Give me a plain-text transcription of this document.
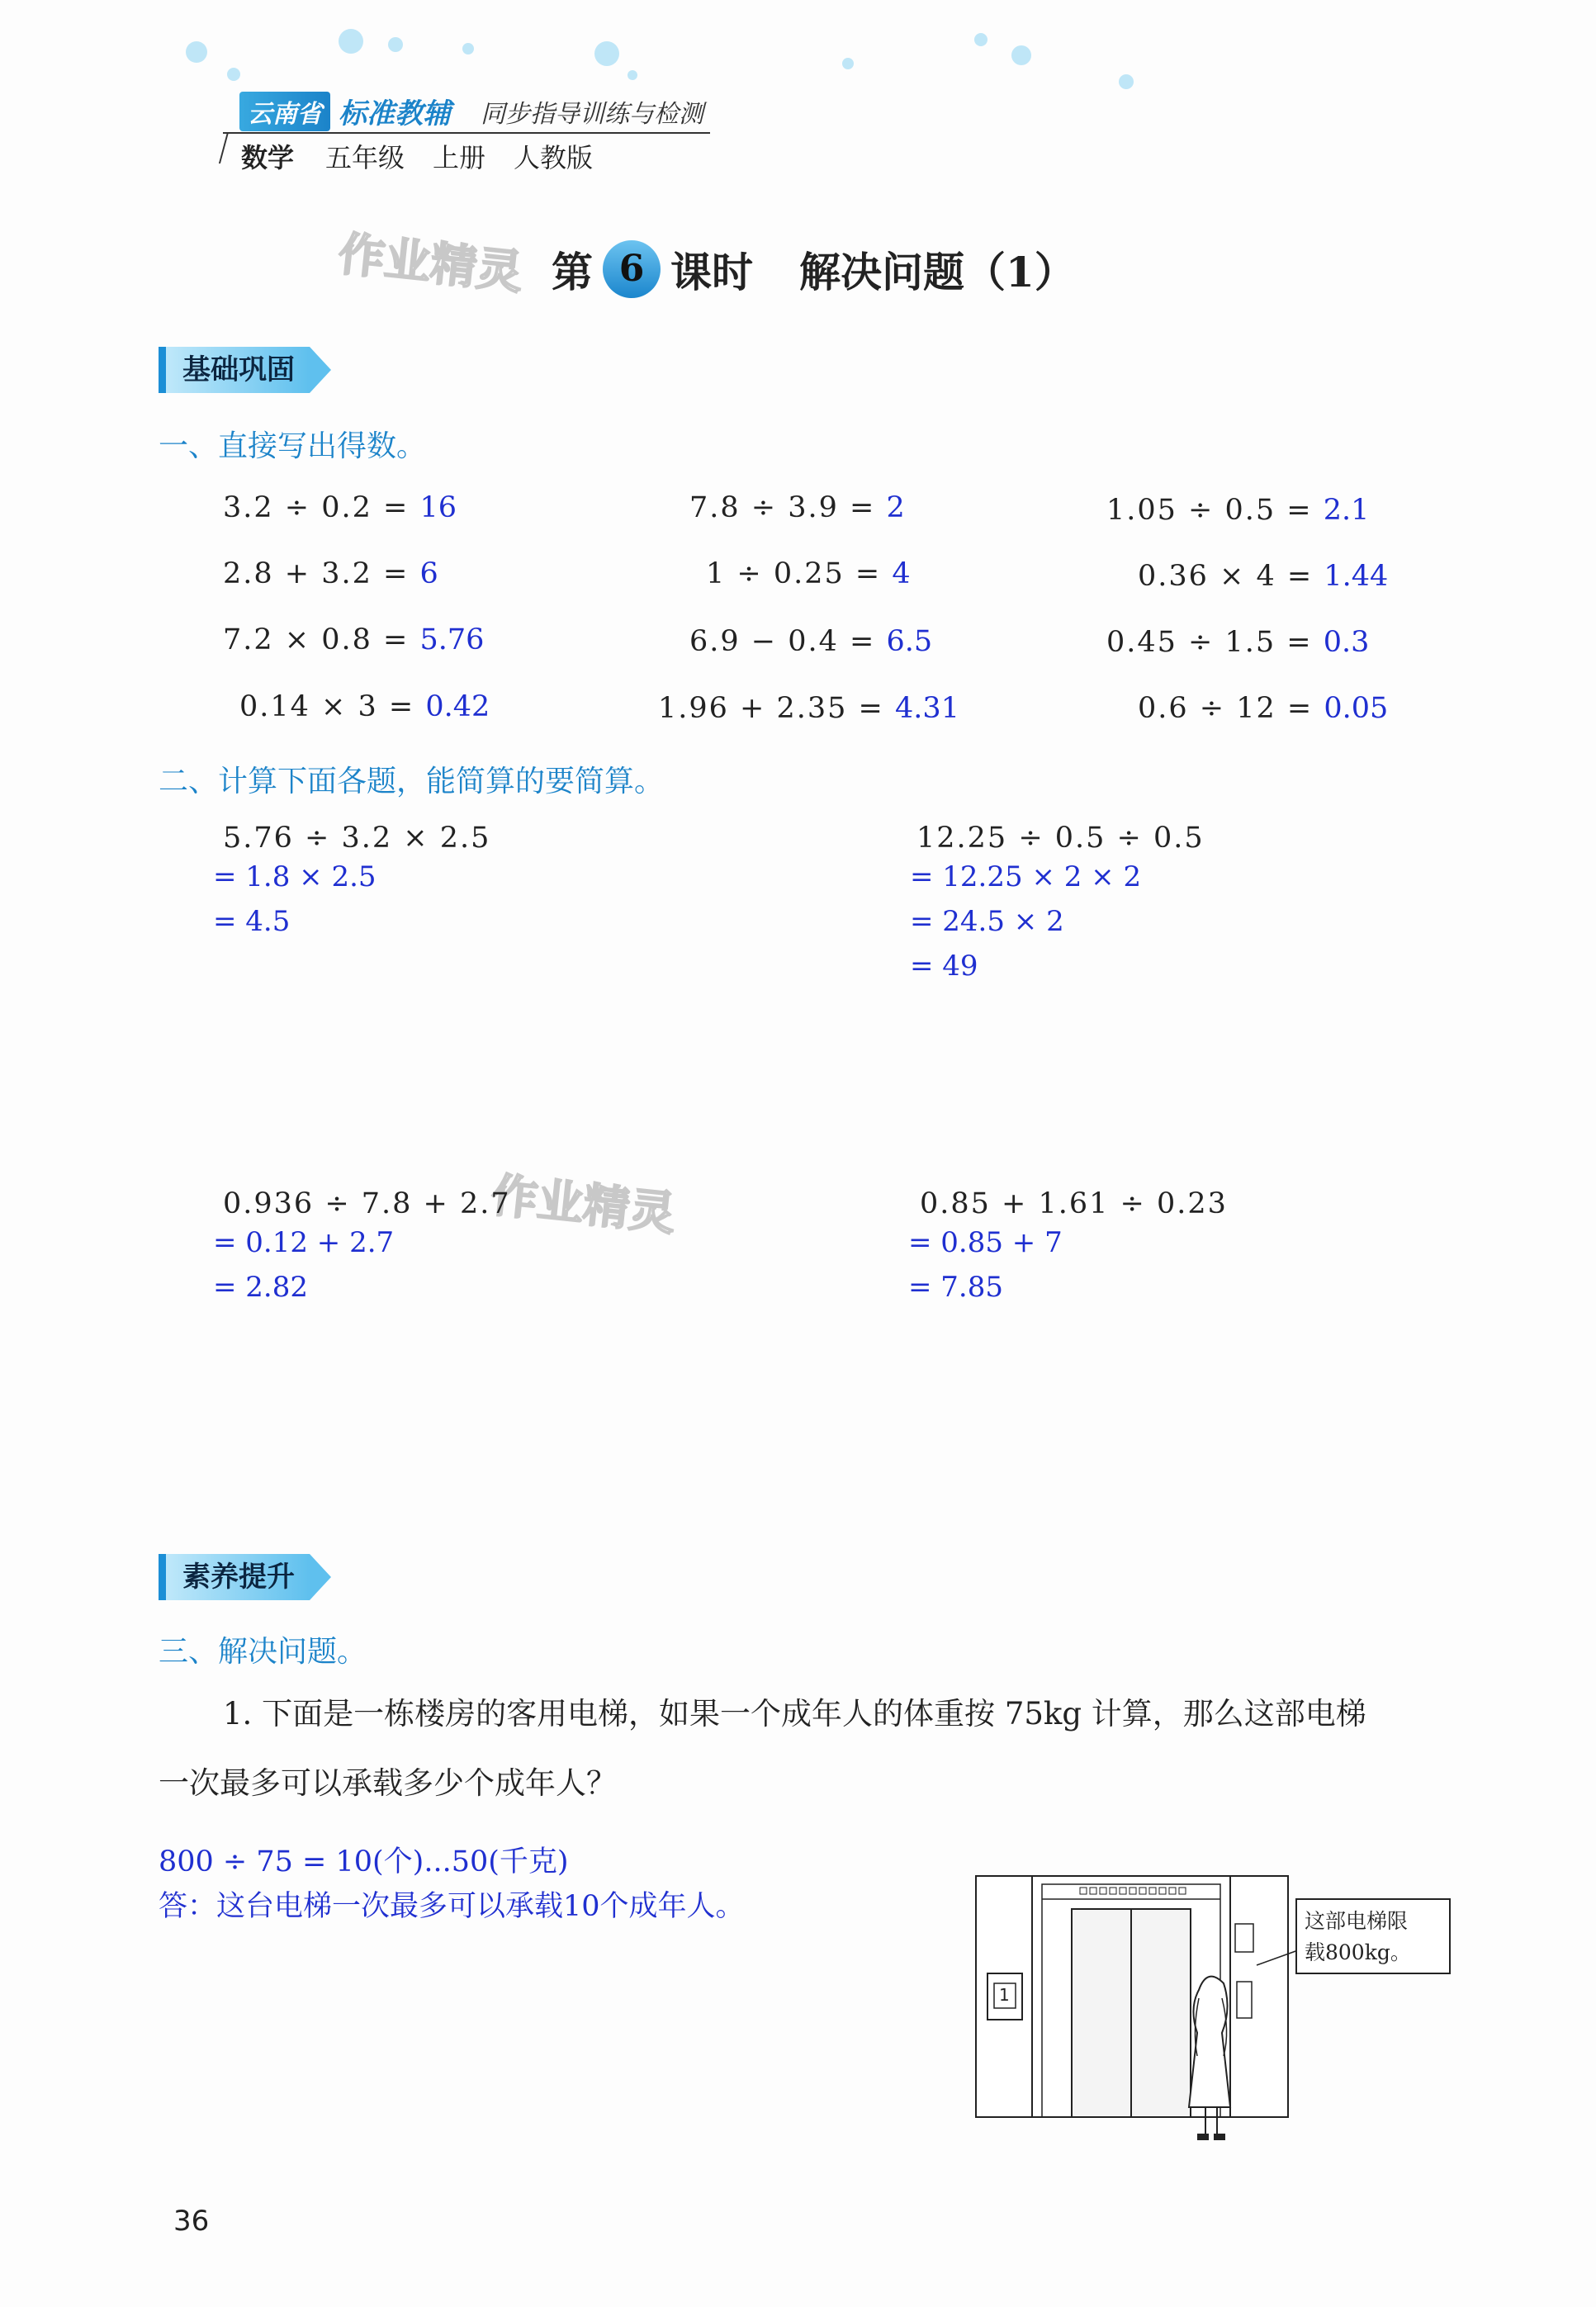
云南省 标准教辅 同步指导训练与检测
数学 五年级 上册 人教版
作业精灵
作业精灵
第 6 课时 解决问题（1）
基础巩固
一、直接写出得数。
3.2 ÷ 0.2 = 16	7.8 ÷ 3.9 = 2	1.05 ÷ 0.5 = 2.1
2.8 + 3.2 = 6	1 ÷ 0.25 = 4	0.36 × 4 = 1.44
7.2 × 0.8 = 5.76	6.9 − 0.4 = 6.5	0.45 ÷ 1.5 = 0.3
0.14 × 3 = 0.42	1.96 + 2.35 = 4.31	0.6 ÷ 12 = 0.05
二、计算下面各题，能简算的要简算。
5.76 ÷ 3.2 × 2.5
= 1.8 × 2.5
= 4.5
12.25 ÷ 0.5 ÷ 0.5
= 12.25 × 2 × 2
= 24.5 × 2
= 49
0.936 ÷ 7.8 + 2.7
= 0.12 + 2.7
= 2.82
0.85 + 1.61 ÷ 0.23
= 0.85 + 7
= 7.85
素养提升
三、解决问题。
1. 下面是一栋楼房的客用电梯，如果一个成年人的体重按 75kg 计算，那么这部电梯
一次最多可以承载多少个成年人？
800 ÷ 75 = 10(个)...50(千克)
答：这台电梯一次最多可以承载10个成年人。
1
这部电梯限
载800kg。
36
